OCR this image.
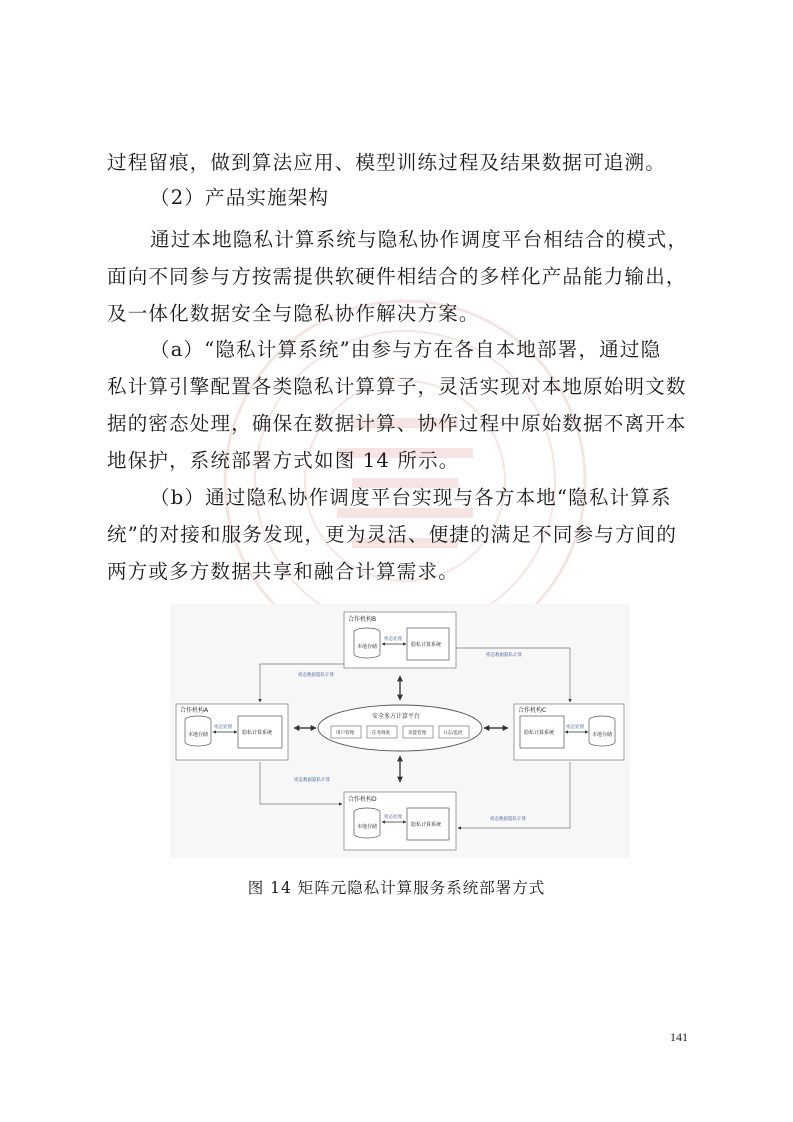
过程留痕，做到算法应用、模型训练过程及结果数据可追溯。

（2）产品实施架构

通过本地隐私计算系统与隐私协作调度平台相结合的模式，
面向不同参与方按需提供软硬件相结合的多样化产品能力输出，
及一体化数据安全与隐私协作解决方案。

（a）“隐私计算系统”由参与方在各自本地部署，通过隐
私计算引擎配置各类隐私计算算子，灵活实现对本地原始明文数
据的密态处理，确保在数据计算、协作过程中原始数据不离开本
地保护，系统部署方式如图 14 所示。

（b）通过隐私协作调度平台实现与各方本地“隐私计算系
统”的对接和服务发现，更为灵活、便捷的满足不同参与方间的
两方或多方数据共享和融合计算需求。

合作机构B
本地存储	隐私计算系统
密态处理
合作机构A
本地存储	隐私计算系统
密态处理
合作机构C
隐私计算系统	本地存储
密态处理
合作机构D
本地存储	隐私计算系统
密态处理
安全多方计算平台
用户管理	任务调度	功能管理	日志/监控
密态数据隐私计算
密态数据隐私计算
密态数据隐私计算
密态数据隐私计算
图 14 矩阵元隐私计算服务系统部署方式
141
